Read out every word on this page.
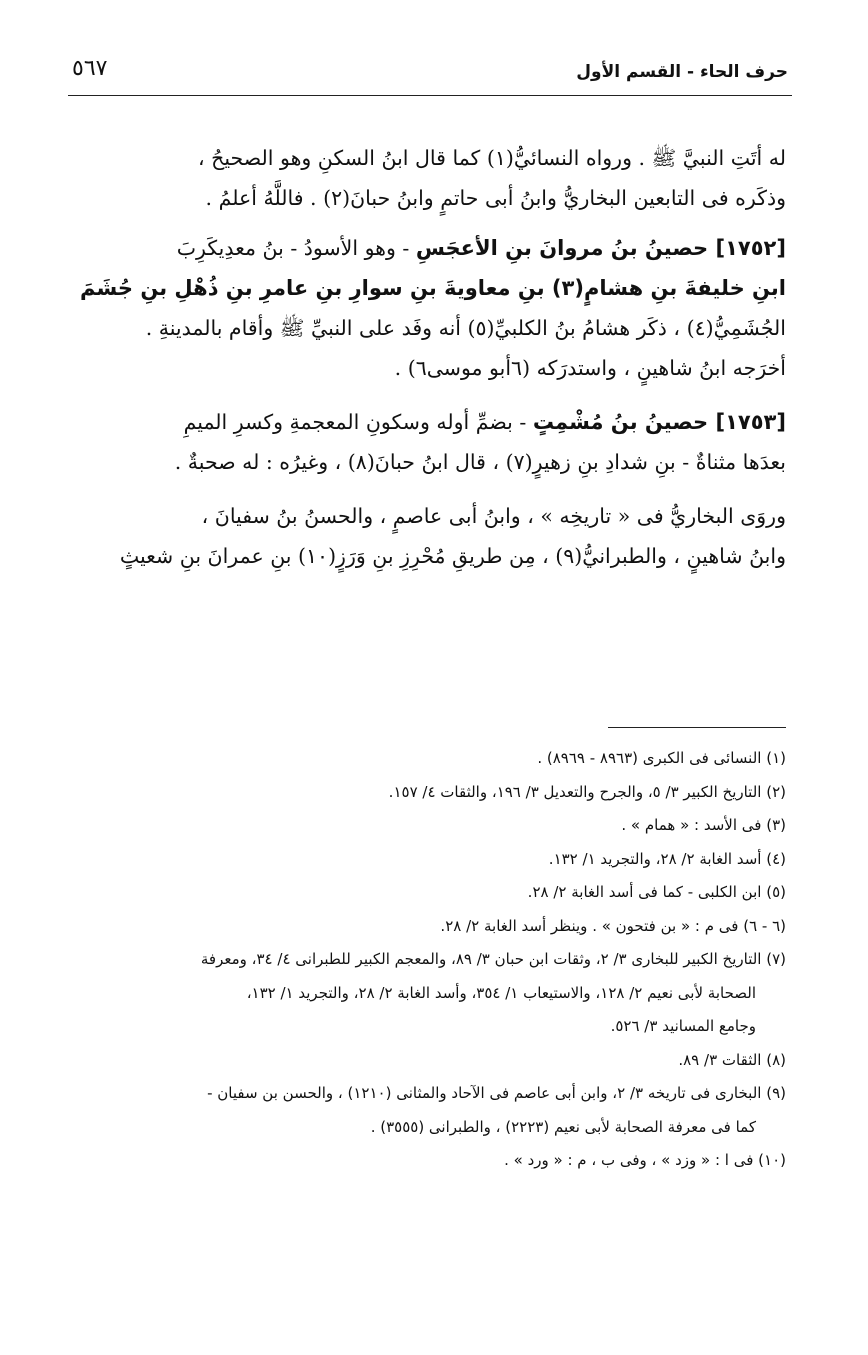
حرف الحاء - القسم الأول
٥٦٧

له أتَتِ النبيَّ ﷺ . ورواه النسائيُّ(١) كما قال ابنُ السكنِ وهو الصحيحُ ،
وذكَره فى التابعين البخاريُّ وابنُ أبى حاتمٍ وابنُ حبانَ(٢) . فاللَّهُ أعلمُ .

[١٧٥٢] حصينُ بنُ مروانَ بنِ الأعجَسِ - وهو الأسودُ - بنُ معدِيكَرِبَ
ابنِ خليفةَ بنِ هشامٍ(٣) بنِ معاويةَ بنِ سوارِ بنِ عامرِ بنِ ذُهْلِ بنِ جُشَمَ
الجُشَمِيُّ(٤) ، ذكَر هشامُ بنُ الكلبيِّ(٥) أنه وفَد على النبيِّ ﷺ وأقام بالمدينةِ .
أخرَجه ابنُ شاهينٍ ، واستدرَكه (٦أبو موسى٦) .

[١٧٥٣] حصينُ بنُ مُشْمِتٍ - بضمِّ أوله وسكونِ المعجمةِ وكسرِ الميمِ
بعدَها مثناةٌ - بنِ شدادِ بنِ زهيرٍ(٧) ، قال ابنُ حبانَ(٨) ، وغيرُه : له صحبةٌ .

وروَى البخاريُّ فى « تاريخِه » ، وابنُ أبى عاصمٍ ، والحسنُ بنُ سفيانَ ،
وابنُ شاهينٍ ، والطبرانيُّ(٩) ، مِن طريقِ مُحْرِزِ بنِ وَرَزٍ(١٠) بنِ عمرانَ بنِ شعيثٍ

(١) النسائى فى الكبرى (٨٩٦٣ - ٨٩٦٩) .
(٢) التاريخ الكبير ٣/ ٥، والجرح والتعديل ٣/ ١٩٦، والثقات ٤/ ١٥٧.
(٣) فى الأسد : « همام » .
(٤) أسد الغابة ٢/ ٢٨، والتجريد ١/ ١٣٢.
(٥) ابن الكلبى - كما فى أسد الغابة ٢/ ٢٨.
(٦ - ٦) فى م : « بن فتحون » . وينظر أسد الغابة ٢/ ٢٨.
(٧) التاريخ الكبير للبخارى ٣/ ٢، وثقات ابن حبان ٣/ ٨٩، والمعجم الكبير للطبرانى ٤/ ٣٤، ومعرفة
الصحابة لأبى نعيم ٢/ ١٢٨، والاستيعاب ١/ ٣٥٤، وأسد الغابة ٢/ ٢٨، والتجريد ١/ ١٣٢،
وجامع المسانيد ٣/ ٥٢٦.
(٨) الثقات ٣/ ٨٩.
(٩) البخارى فى تاريخه ٣/ ٢، وابن أبى عاصم فى الآحاد والمثانى (١٢١٠) ، والحسن بن سفيان -
كما فى معرفة الصحابة لأبى نعيم (٢٢٢٣) ، والطبرانى (٣٥٥٥) .
(١٠) فى ا : « وزد » ، وفى ب ، م : « ورد » .
